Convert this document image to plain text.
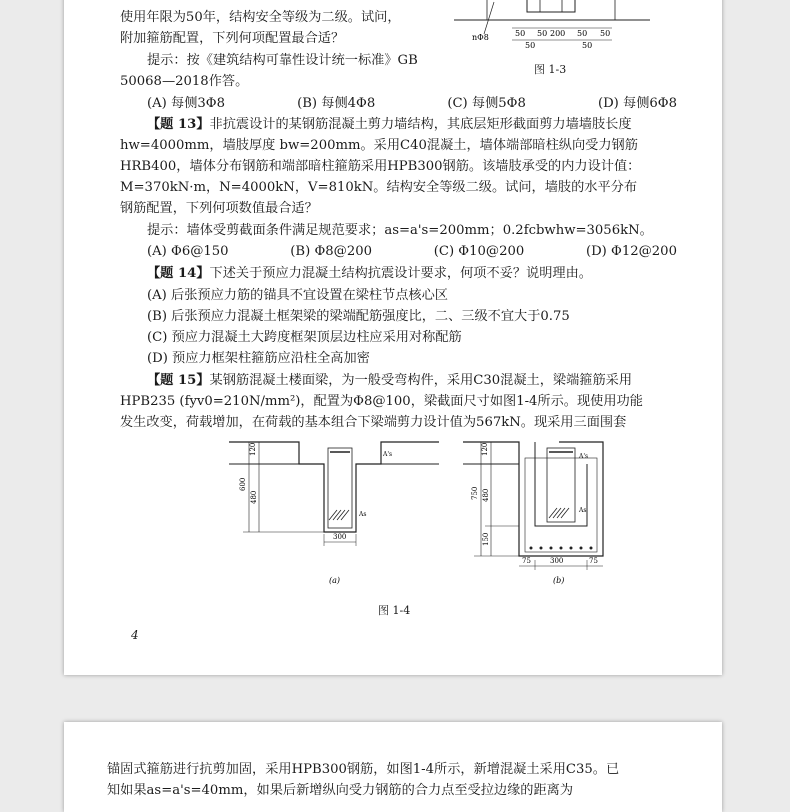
使用年限为50年，结构安全等级为二级。试问，
附加箍筋配置，下列何项配置最合适？
提示：按《建筑结构可靠性设计统一标准》GB
50068—2018作答。
(A) 每侧3Φ8	(B) 每侧4Φ8	(C) 每侧5Φ8	(D) 每侧6Φ8
nΦ8	50 50 200 50 50
50	50
图 1-3
【题 13】非抗震设计的某钢筋混凝土剪力墙结构，其底层矩形截面剪力墙墙肢长度
hw=4000mm，墙肢厚度 bw=200mm。采用C40混凝土，墙体端部暗柱纵向受力钢筋
HRB400，墙体分布钢筋和端部暗柱箍筋采用HPB300钢筋。该墙肢承受的内力设计值：
M=370kN·m，N=4000kN，V=810kN。结构安全等级二级。试问，墙肢的水平分布
钢筋配置，下列何项数值最合适？
提示：墙体受剪截面条件满足规范要求；as=a's=200mm；0.2fcbwhw=3056kN。
(A) Φ6@150	(B) Φ8@200	(C) Φ10@200	(D) Φ12@200
【题 14】下述关于预应力混凝土结构抗震设计要求，何项不妥？说明理由。
(A) 后张预应力筋的锚具不宜设置在梁柱节点核心区
(B) 后张预应力混凝土框架梁的梁端配筋强度比，二、三级不宜大于0.75
(C) 预应力混凝土大跨度框架顶层边柱应采用对称配筋
(D) 预应力框架柱箍筋应沿柱全高加密
【题 15】某钢筋混凝土楼面梁，为一般受弯构件，采用C30混凝土，梁端箍筋采用
HPB235 (fyv0=210N/mm²)，配置为Φ8@100，梁截面尺寸如图1-4所示。现使用功能
发生改变，荷载增加，在荷载的基本组合下梁端剪力设计值为567kN。现采用三面围套
120
600
480
300
A's
As
(a)
120
750 480
150
75	300	75
A's
As
(b)
图 1-4
4
锚固式箍筋进行抗剪加固，采用HPB300钢筋，如图1-4所示，新增混凝土采用C35。已
知如果as=a's=40mm，如果后新增纵向受力钢筋的合力点至受拉边缘的距离为
